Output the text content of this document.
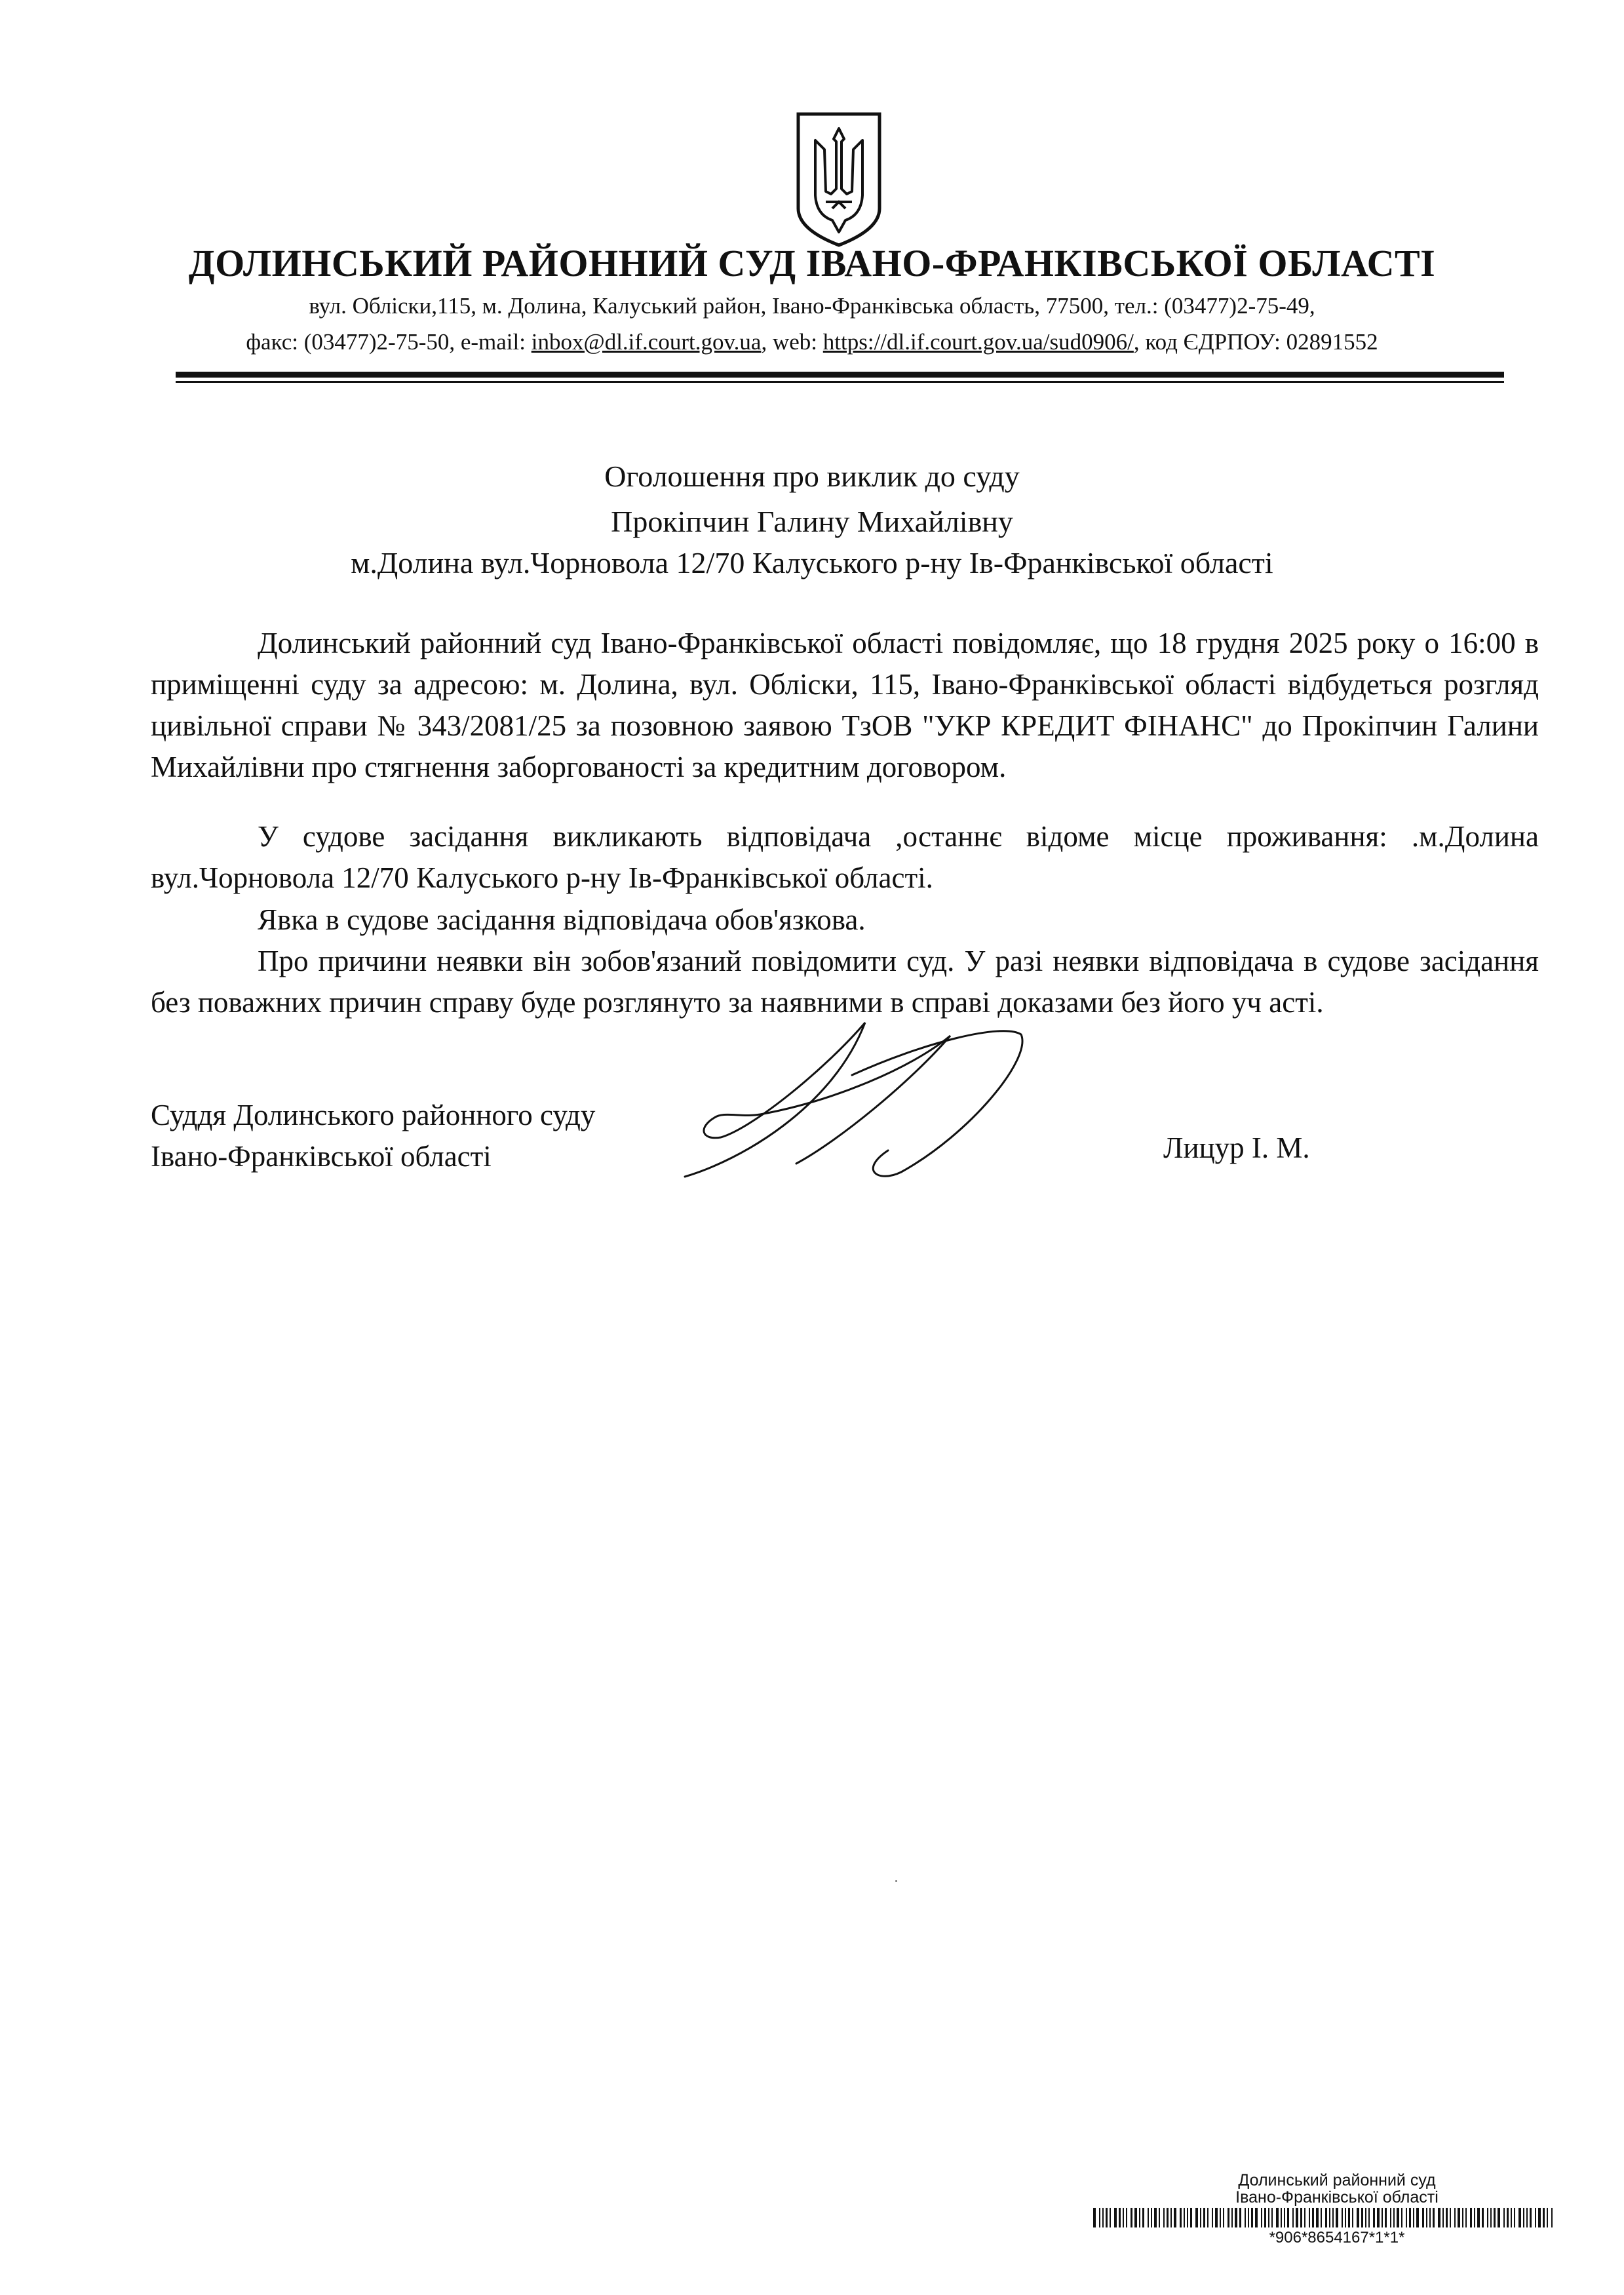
ДОЛИНСЬКИЙ РАЙОННИЙ СУД ІВАНО-ФРАНКІВСЬКОЇ ОБЛАСТІ
вул. Обліски,115, м. Долина, Калуський район, Івано-Франківська область, 77500, тел.: (03477)2-75-49,
факс: (03477)2-75-50, e-mail: inbox@dl.if.court.gov.ua, web: https://dl.if.court.gov.ua/sud0906/, код ЄДРПОУ: 02891552
Оголошення про виклик до суду
Прокіпчин Галину Михайлівну
м.Долина вул.Чорновола 12/70 Калуського р-ну Ів-Франківської області

Долинський районний суд Івано-Франківської області повідомляє, що 18 грудня 2025 року о 16:00 в приміщенні суду за адресою: м. Долина, вул. Обліски, 115, Івано-Франківської області відбудеться розгляд цивільної справи № 343/2081/25 за позовною заявою ТзОВ "УКР КРЕДИТ ФІНАНС" до Прокіпчин Галини Михайлівни про стягнення заборгованості за кредитним договором.

У судове засідання викликають відповідача ,останнє відоме місце проживання: .м.Долина вул.Чорновола 12/70 Калуського р-ну Ів-Франківської області.

Явка в судове засідання відповідача обов'язкова.

Про причини неявки він зобов'язаний повідомити суд. У разі неявки відповідача в судове засідання без поважних причин справу буде розглянуто за наявними в справі доказами без його уч асті.

Суддя Долинського районного суду
Івано-Франківської області	Лицур І. М.
Долинський районний суд
Івано-Франківської області
*906*8654167*1*1*
